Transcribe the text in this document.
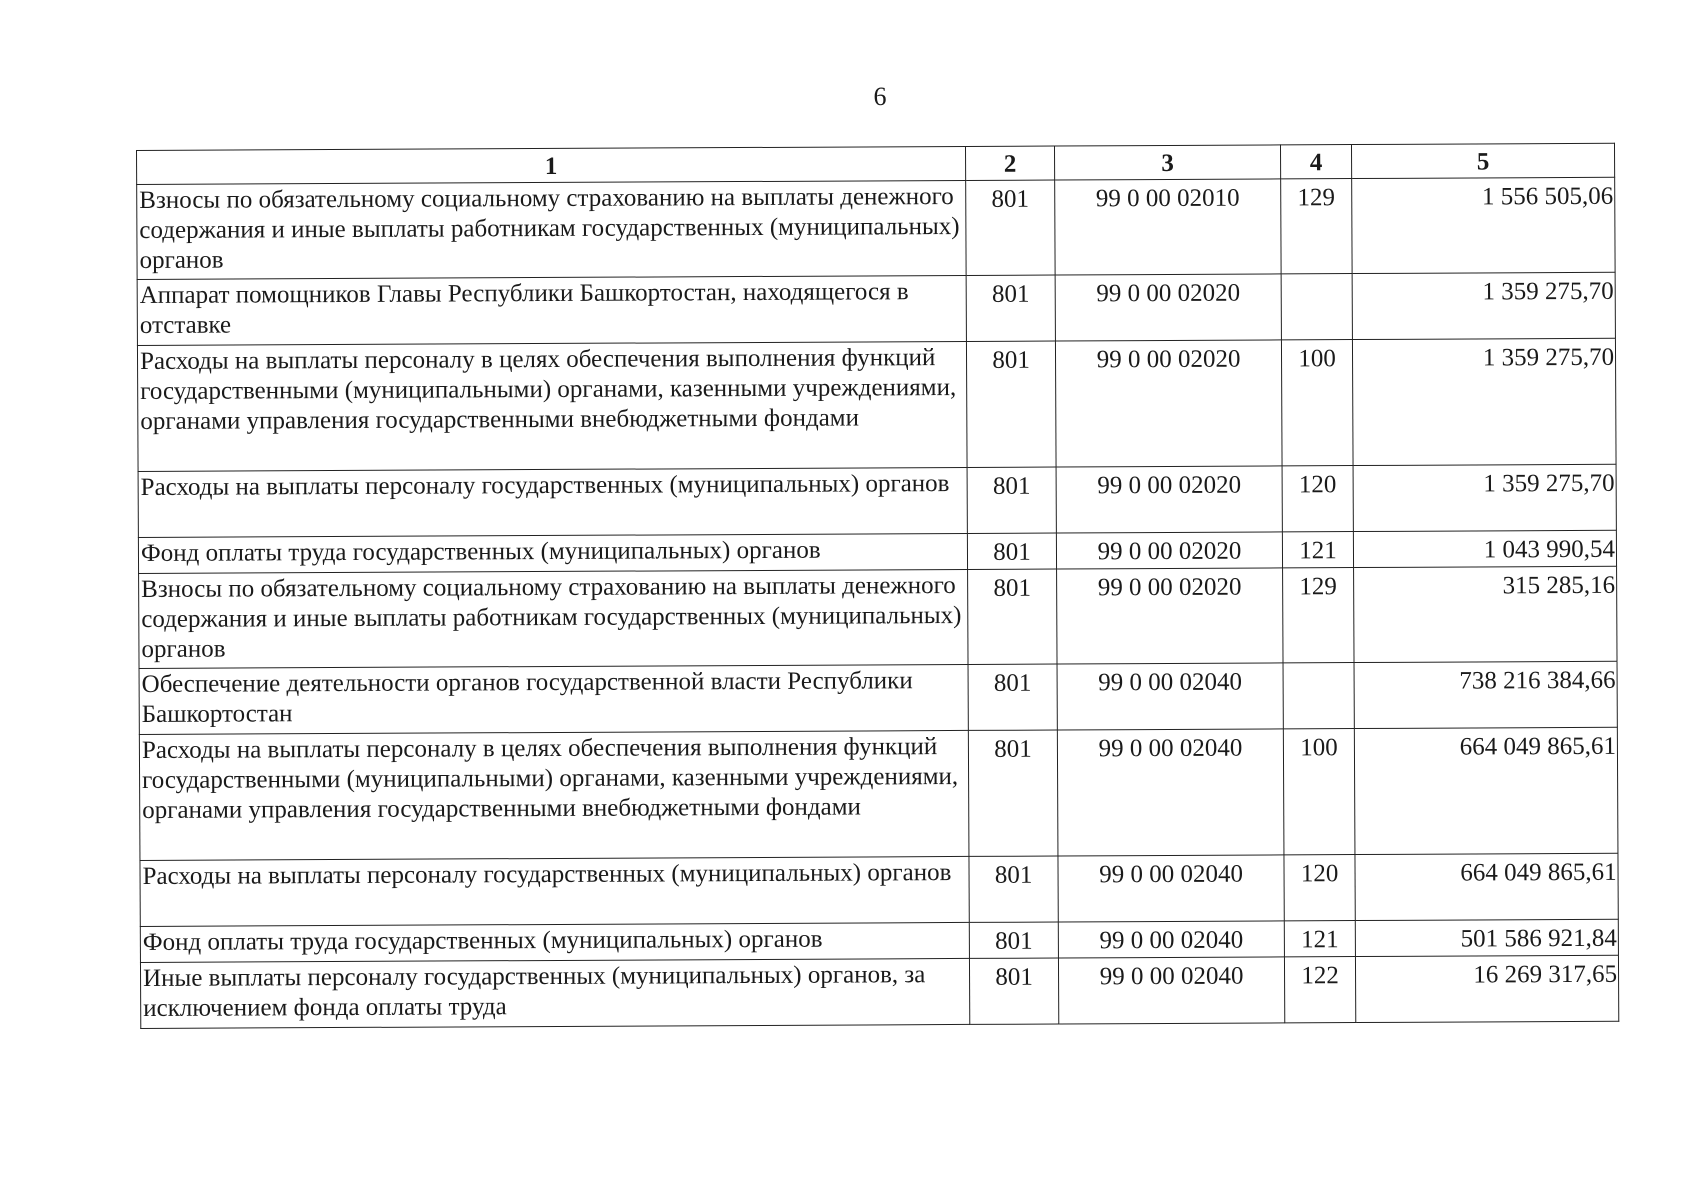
6
1	2	3	4	5
Взносы по обязательному социальному страхованию на выплаты денежного содержания и иные выплаты работникам государственных (муниципальных) органов	801	99 0 00 02010	129	1 556 505,06
Аппарат помощников Главы Республики Башкортостан, находящегося в отставке	801	99 0 00 02020		1 359 275,70
Расходы на выплаты персоналу в целях обеспечения выполнения функций государственными (муниципальными) органами, казенными учреждениями, органами управления государственными внебюджетными фондами	801	99 0 00 02020	100	1 359 275,70
Расходы на выплаты персоналу государственных (муниципальных) органов	801	99 0 00 02020	120	1 359 275,70
Фонд оплаты труда государственных (муниципальных) органов	801	99 0 00 02020	121	1 043 990,54
Взносы по обязательному социальному страхованию на выплаты денежного содержания и иные выплаты работникам государственных (муниципальных) органов	801	99 0 00 02020	129	315 285,16
Обеспечение деятельности органов государственной власти Республики Башкортостан	801	99 0 00 02040		738 216 384,66
Расходы на выплаты персоналу в целях обеспечения выполнения функций государственными (муниципальными) органами, казенными учреждениями, органами управления государственными внебюджетными фондами	801	99 0 00 02040	100	664 049 865,61
Расходы на выплаты персоналу государственных (муниципальных) органов	801	99 0 00 02040	120	664 049 865,61
Фонд оплаты труда государственных (муниципальных) органов	801	99 0 00 02040	121	501 586 921,84
Иные выплаты персоналу государственных (муниципальных) органов, за исключением фонда оплаты труда	801	99 0 00 02040	122	16 269 317,65
